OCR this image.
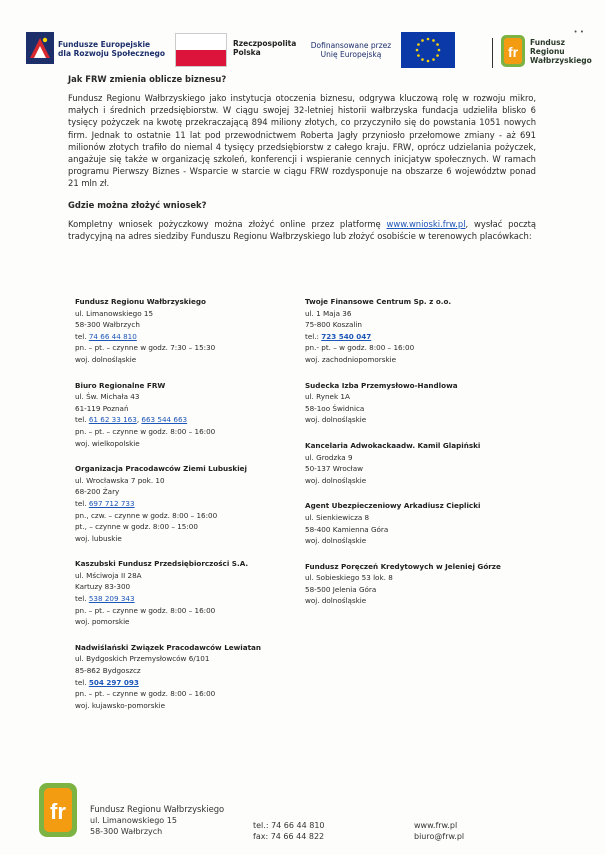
Fundusze Europejskie
dla Rozwoju Społecznego
Rzeczpospolita
Polska
Dofinansowane przez
Unię Europejską	fr
Fundusz
Regionu
Wałbrzyskiego
• •
Jak FRW zmienia oblicze biznesu?

Fundusz Regionu Wałbrzyskiego jako instytucja otoczenia biznesu, odgrywa kluczową rolę w rozwoju mikro, małych i średnich przedsiębiorstw. W ciągu swojej 32-letniej historii wałbrzyska fundacja udzieliła blisko 6 tysięcy pożyczek na kwotę przekraczającą 894 miliony złotych, co przyczyniło się do powstania 1051 nowych firm. Jednak to ostatnie 11 lat pod przewodnictwem Roberta Jagły przyniosło przełomowe zmiany - aż 691 milionów złotych trafiło do niemal 4 tysięcy przedsiębiorstw z całego kraju. FRW, oprócz udzielania pożyczek, angażuje się także w organizację szkoleń, konferencji i wspieranie cennych inicjatyw społecznych. W ramach programu Pierwszy Biznes - Wsparcie w starcie w ciągu FRW rozdysponuje na obszarze 6 województw ponad 21 mln zł.

Gdzie można złożyć wniosek?

Kompletny wniosek pożyczkowy można złożyć online przez platformę www.wnioski.frw.pl, wysłać pocztą tradycyjną na adres siedziby Funduszu Regionu Wałbrzyskiego lub złożyć osobiście w terenowych placówkach:

Fundusz Regionu Wałbrzyskiego
ul. Limanowskiego 15
58-300 Wałbrzych
tel. 74 66 44 810
pn. – pt. – czynne w godz. 7:30 – 15:30
woj. dolnośląskie
Biuro Regionalne FRW
ul. Św. Michała 43
61-119 Poznań
tel. 61 62 33 163, 663 544 663
pn. – pt. – czynne w godz. 8:00 – 16:00
woj. wielkopolskie
Organizacja Pracodawców Ziemi Lubuskiej
ul. Wrocławska 7 pok. 10
68-200 Żary
tel. 697 712 733
pn., czw. – czynne w godz. 8:00 – 16:00
pt., – czynne w godz. 8:00 – 15:00
woj. lubuskie
Kaszubski Fundusz Przedsiębiorczości S.A.
ul. Mściwoja II 28A
Kartuzy 83-300
tel. 538 209 343
pn. – pt. – czynne w godz. 8:00 – 16:00
woj. pomorskie
Nadwiślański Związek Pracodawców Lewiatan
ul. Bydgoskich Przemysłowców 6/101
85-862 Bydgoszcz
tel. 504 297 093
pn. – pt. – czynne w godz. 8:00 – 16:00
woj. kujawsko-pomorskie
Twoje Finansowe Centrum Sp. z o.o.
ul. 1 Maja 36
75-800 Koszalin
tel.: 723 540 047
pn.- pt. – w godz. 8:00 – 16:00
woj. zachodniopomorskie
Sudecka Izba Przemysłowo-Handlowa
ul. Rynek 1A
58-1oo Świdnica
woj. dolnośląskie
Kancelaria Adwokackaadw. Kamil Glapiński
ul. Grodzka 9
50-137 Wrocław
woj. dolnośląskie
Agent Ubezpieczeniowy Arkadiusz Cieplicki
ul. Sienkiewicza 8
58-400 Kamienna Góra
woj. dolnośląskie
Fundusz Poręczeń Kredytowych w Jeleniej Górze
ul. Sobieskiego 53 lok. 8
58-500 Jelenia Góra
woj. dolnośląskie
fr	Fundusz Regionu Wałbrzyskiego
ul. Limanowskiego 15
58-300 Wałbrzych
tel.: 74 66 44 810
fax: 74 66 44 822
www.frw.pl
biuro@frw.pl
